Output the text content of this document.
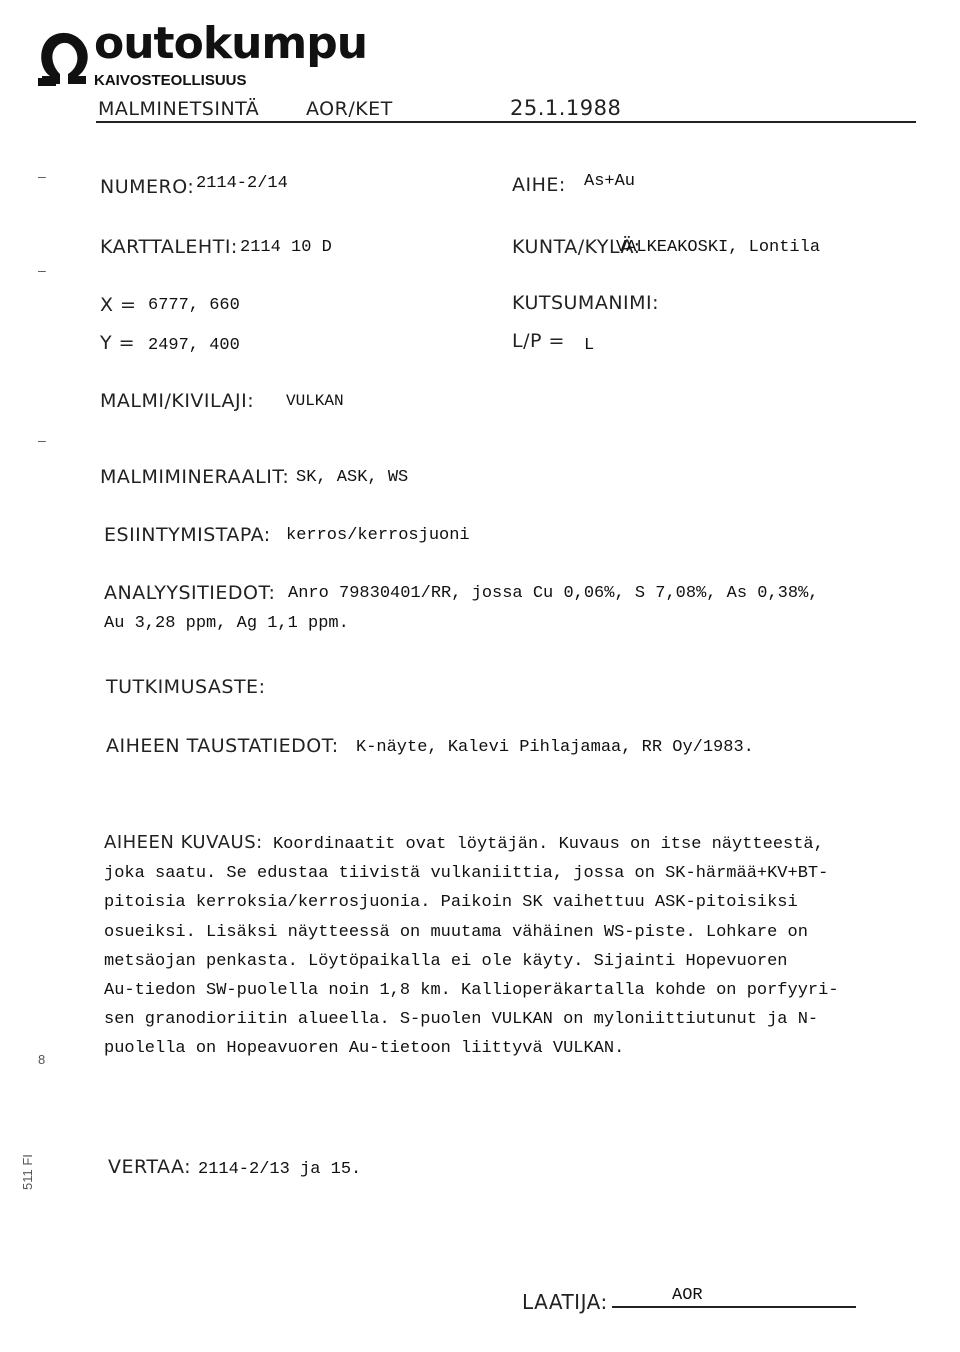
outokumpu
KAIVOSTEOLLISUUS
MALMINETSINTÄ AOR/KET	25.1.1988
–
–
–
8
511 FI
NUMERO: 2114-2/14	AIHE: As+Au
KARTTALEHTI: 2114 10 D	KUNTA/KYLÄ:
VALKEAKOSKI, Lontila
X = 6777, 660	KUTSUMANIMI:
Y = 2497, 400	L/P = L
MALMI/KIVILAJI: VULKAN
MALMIMINERAALIT: SK, ASK, WS
ESIINTYMISTAPA: kerros/kerrosjuoni
ANALYYSITIEDOT: Anro 79830401/RR, jossa Cu 0,06%, S 7,08%, As 0,38%,
Au 3,28 ppm, Ag 1,1 ppm.
TUTKIMUSASTE:
AIHEEN TAUSTATIEDOT: K-näyte, Kalevi Pihlajamaa, RR Oy/1983.
AIHEEN KUVAUS: Koordinaatit ovat löytäjän. Kuvaus on itse näytteestä,
joka saatu. Se edustaa tiivistä vulkaniittia, jossa on SK-härmää+KV+BT-
pitoisia kerroksia/kerrosjuonia. Paikoin SK vaihettuu ASK-pitoisiksi
osueiksi. Lisäksi näytteessä on muutama vähäinen WS-piste. Lohkare on
metsäojan penkasta. Löytöpaikalla ei ole käyty. Sijainti Hopevuoren
Au-tiedon SW-puolella noin 1,8 km. Kallioperäkartalla kohde on porfyyri-
sen granodioriitin alueella. S-puolen VULKAN on myloniittiutunut ja N-
puolella on Hopeavuoren Au-tietoon liittyvä VULKAN.
VERTAA: 2114-2/13 ja 15.
LAATIJA:	AOR
